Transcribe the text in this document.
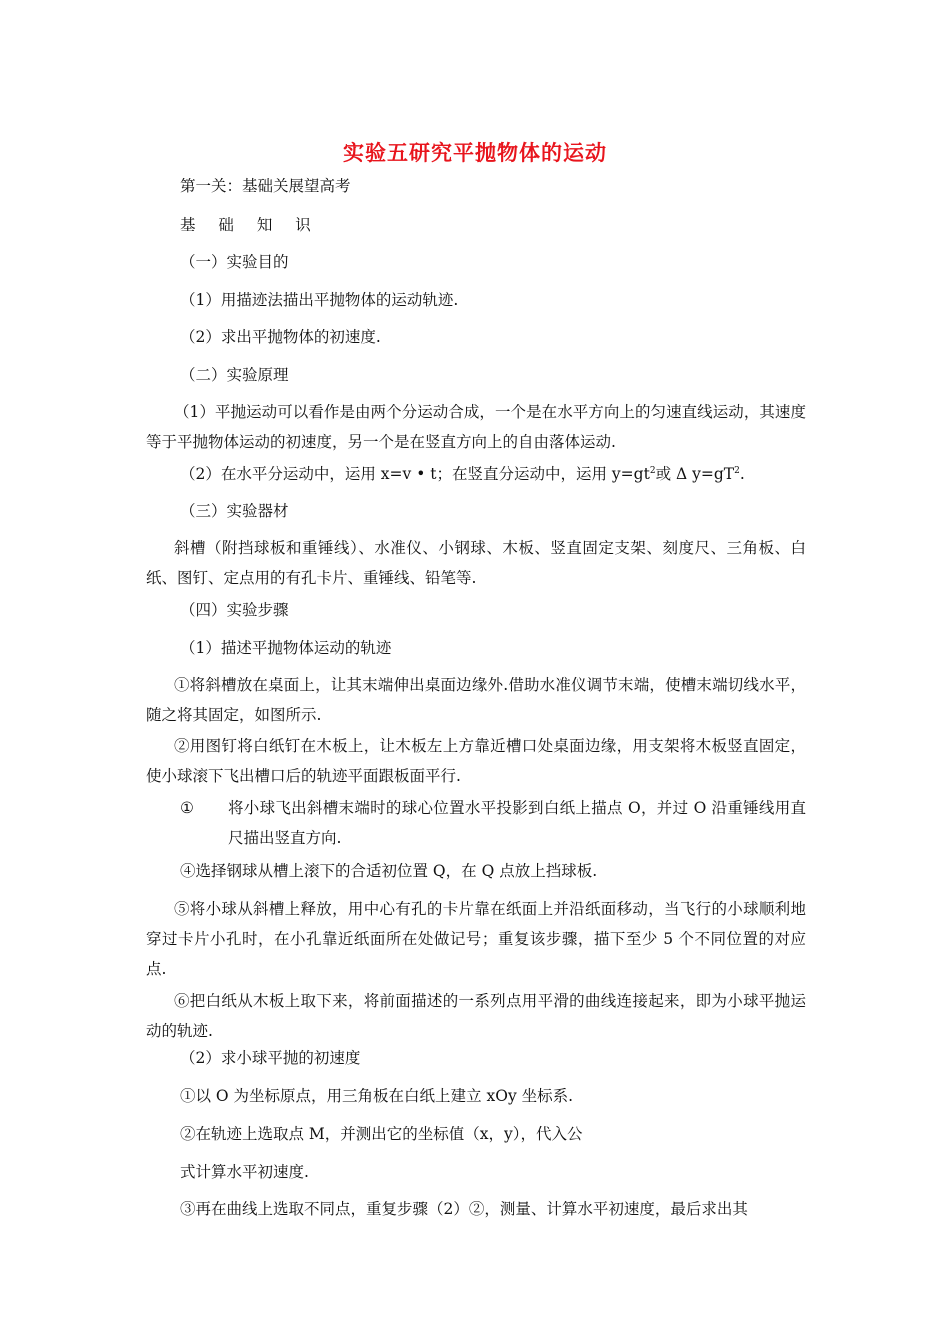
实验五研究平抛物体的运动
第一关：基础关展望高考
基 础 知 识
（一）实验目的
（1）用描迹法描出平抛物体的运动轨迹.
（2）求出平抛物体的初速度.
（二）实验原理
（1）平抛运动可以看作是由两个分运动合成，一个是在水平方向上的匀速直线运动，其速度等于平抛物体运动的初速度，另一个是在竖直方向上的自由落体运动.
（2）在水平分运动中，运用 x=v • t；在竖直分运动中，运用 $y=gt^2$或 Δ $y=gT^2$.
（三）实验器材
斜槽（附挡球板和重锤线）、水准仪、小钢球、木板、竖直固定支架、刻度尺、三角板、白纸、图钉、定点用的有孔卡片、重锤线、铅笔等.
（四）实验步骤
（1）描述平抛物体运动的轨迹
①将斜槽放在桌面上，让其末端伸出桌面边缘外.借助水准仪调节末端，使槽末端切线水平，随之将其固定，如图所示.
②用图钉将白纸钉在木板上，让木板左上方靠近槽口处桌面边缘，用支架将木板竖直固定，使小球滚下飞出槽口后的轨迹平面跟板面平行.
① 将小球飞出斜槽末端时的球心位置水平投影到白纸上描点 O，并过 O 沿重锤线用直尺描出竖直方向.
④选择钢球从槽上滚下的合适初位置 Q，在 Q 点放上挡球板.
⑤将小球从斜槽上释放，用中心有孔的卡片靠在纸面上并沿纸面移动，当飞行的小球顺利地穿过卡片小孔时，在小孔靠近纸面所在处做记号；重复该步骤，描下至少 5 个不同位置的对应点.
⑥把白纸从木板上取下来，将前面描述的一系列点用平滑的曲线连接起来，即为小球平抛运动的轨迹.
（2）求小球平抛的初速度
①以 O 为坐标原点，用三角板在白纸上建立 xOy 坐标系.
②在轨迹上选取点 M，并测出它的坐标值（x，y），代入公
式计算水平初速度.
③再在曲线上选取不同点，重复步骤（2）②，测量、计算水平初速度，最后求出其
